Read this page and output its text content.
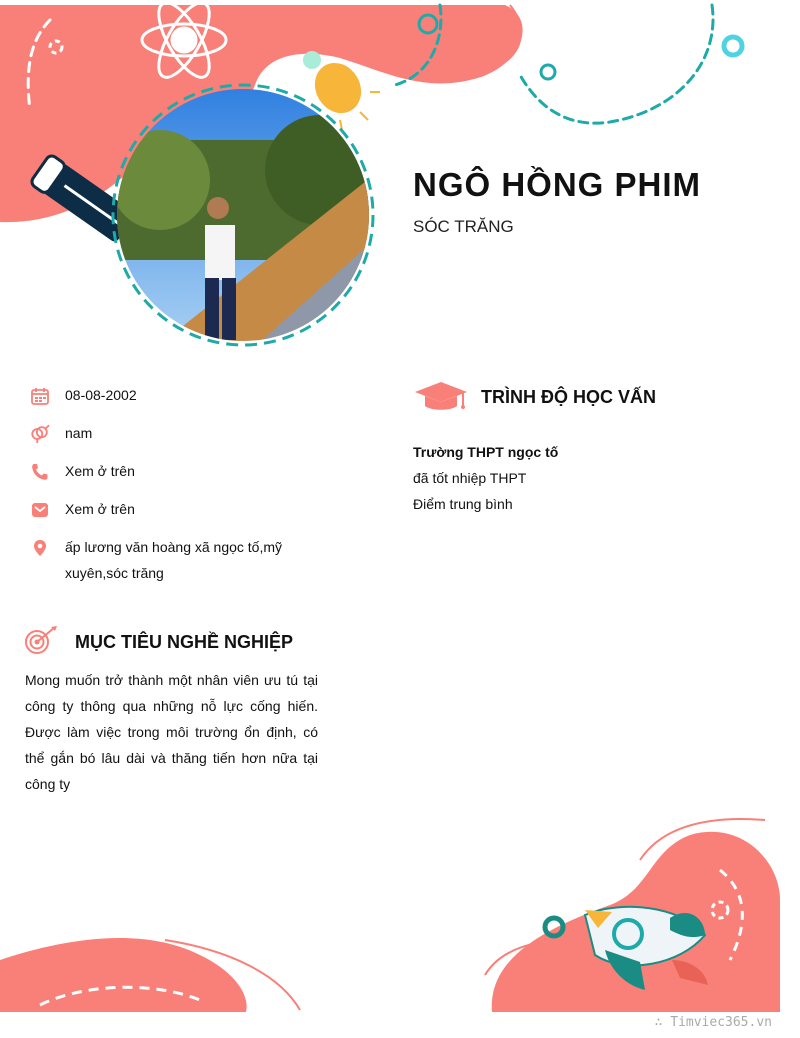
NGÔ HỒNG PHIM
SÓC TRĂNG
08-08-2002
nam
Xem ở trên
Xem ở trên
ấp lương văn hoàng xã ngọc tố,mỹ xuyên,sóc trăng
MỤC TIÊU NGHỀ NGHIỆP
Mong muốn trở thành một nhân viên ưu tú tại công ty thông qua những nỗ lực cống hiến. Được làm việc trong môi trường ổn định, có thể gắn bó lâu dài và thăng tiến hơn nữa tại công ty
TRÌNH ĐỘ HỌC VẤN
Trường THPT ngọc tố
đã tốt nhiệp THPT
Điểm trung bình
∴ Timviec365.vn
